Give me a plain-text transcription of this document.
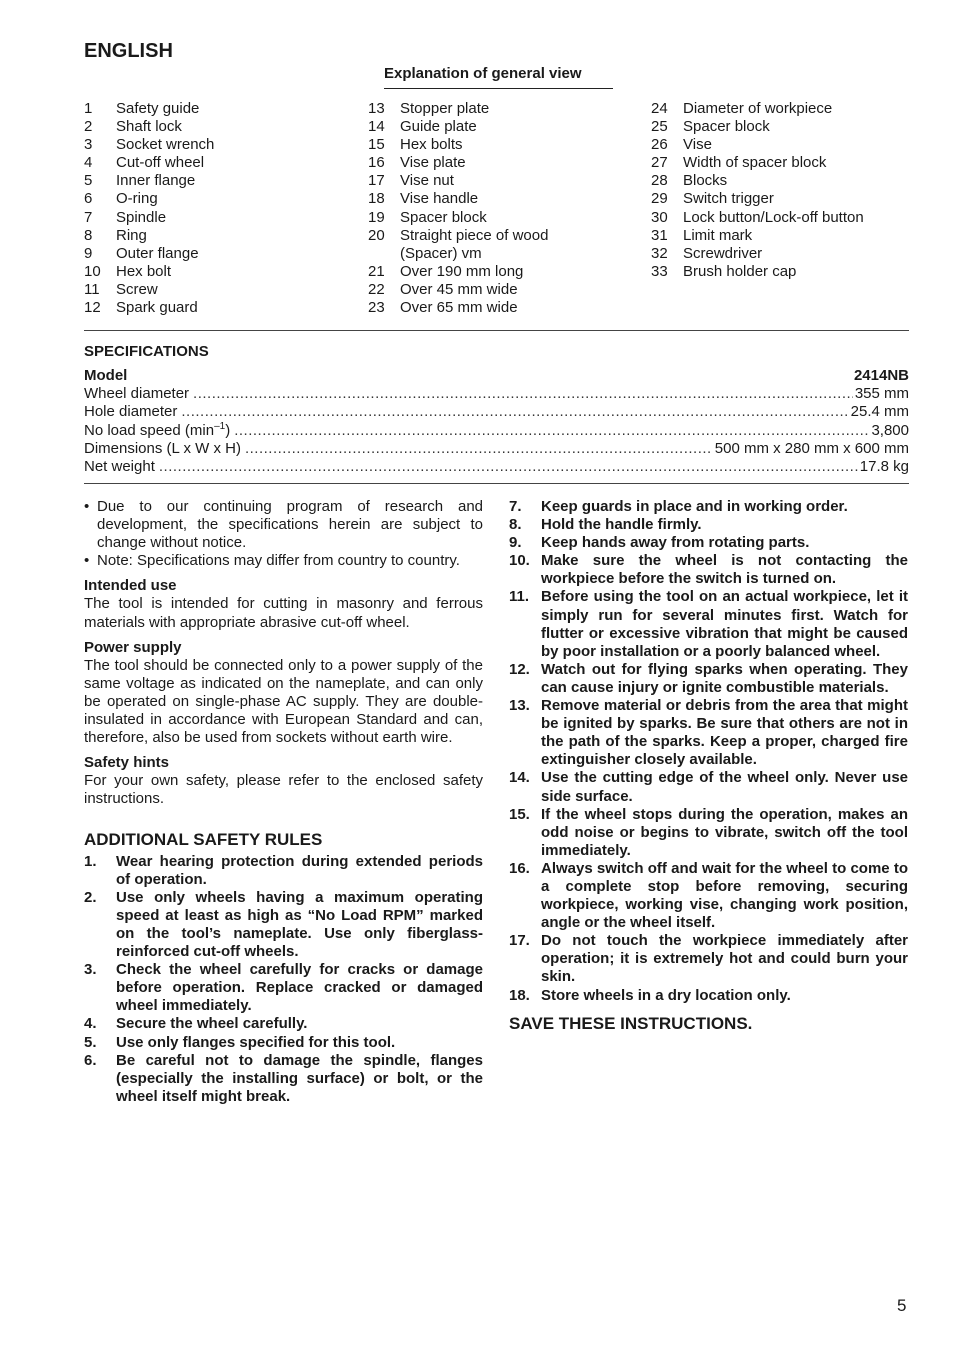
ENGLISH
Explanation of general view
1	Safety guide
2	Shaft lock
3	Socket wrench
4	Cut-off wheel
5	Inner flange
6	O-ring
7	Spindle
8	Ring
9	Outer flange
10	Hex bolt
11	Screw
12	Spark guard
13	Stopper plate
14	Guide plate
15	Hex bolts
16	Vise plate
17	Vise nut
18	Vise handle
19	Spacer block
20	Straight piece of wood
(Spacer) vm
21	Over 190 mm long
22	Over 45 mm wide
23	Over 65 mm wide
24	Diameter of workpiece
25	Spacer block
26	Vise
27	Width of spacer block
28	Blocks
29	Switch trigger
30	Lock button/Lock-off button
31	Limit mark
32	Screwdriver
33	Brush holder cap
SPECIFICATIONS
Model	2414NB
Wheel diameter .....	355 mm
Hole diameter .....	25.4 mm
No load speed $(\min^{-1})$ .....	3,800
Dimensions (L x W x H) .....	500 mm x 280 mm x 600 mm
Net weight .....	17.8 kg
• Due to our continuing program of research and development, the specifications herein are subject to change without notice.
• Note: Specifications may differ from country to country.
Intended use
The tool is intended for cutting in masonry and ferrous materials with appropriate abrasive cut-off wheel.
Power supply
The tool should be connected only to a power supply of the same voltage as indicated on the nameplate, and can only be operated on single-phase AC supply. They are double-insulated in accordance with European Standard and can, therefore, also be used from sockets without earth wire.
Safety hints
For your own safety, please refer to the enclosed safety instructions.
ADDITIONAL SAFETY RULES
1.	Wear hearing protection during extended periods of operation.
2.	Use only wheels having a maximum operating speed at least as high as “No Load RPM” marked on the tool’s nameplate. Use only fiberglass-reinforced cut-off wheels.
3.	Check the wheel carefully for cracks or damage before operation. Replace cracked or damaged wheel immediately.
4.	Secure the wheel carefully.
5.	Use only flanges specified for this tool.
6.	Be careful not to damage the spindle, flanges (especially the installing surface) or bolt, or the wheel itself might break.
7.	Keep guards in place and in working order.
8.	Hold the handle firmly.
9.	Keep hands away from rotating parts.
10. Make sure the wheel is not contacting the workpiece before the switch is turned on.
11. Before using the tool on an actual workpiece, let it simply run for several minutes first. Watch for flutter or excessive vibration that might be caused by poor installation or a poorly balanced wheel.
12. Watch out for flying sparks when operating. They can cause injury or ignite combustible materials.
13. Remove material or debris from the area that might be ignited by sparks. Be sure that others are not in the path of the sparks. Keep a proper, charged fire extinguisher closely available.
14. Use the cutting edge of the wheel only. Never use side surface.
15. If the wheel stops during the operation, makes an odd noise or begins to vibrate, switch off the tool immediately.
16. Always switch off and wait for the wheel to come to a complete stop before removing, securing workpiece, working vise, changing work position, angle or the wheel itself.
17. Do not touch the workpiece immediately after operation; it is extremely hot and could burn your skin.
18. Store wheels in a dry location only.
SAVE THESE INSTRUCTIONS.
5
